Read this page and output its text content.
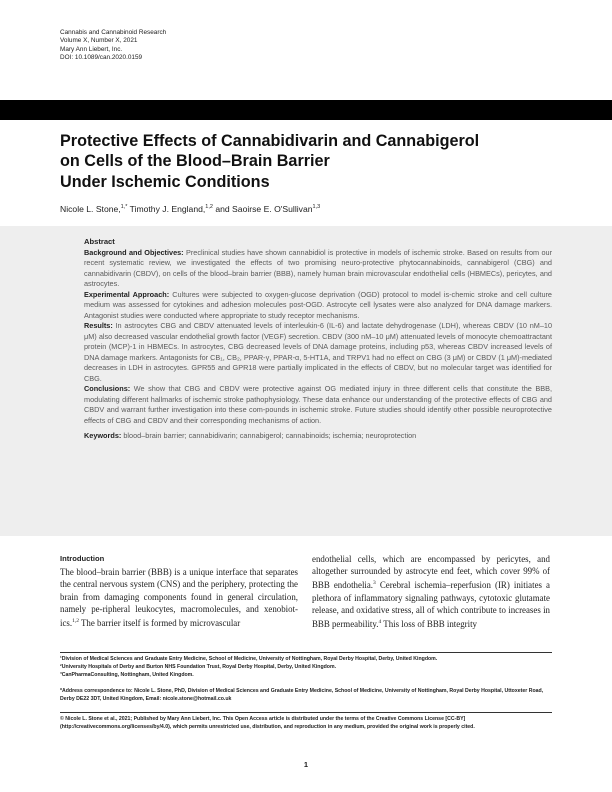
Cannabis and Cannabinoid Research
Volume X, Number X, 2021
Mary Ann Liebert, Inc.
DOI: 10.1089/can.2020.0159
Protective Effects of Cannabidivarin and Cannabigerol
on Cells of the Blood–Brain Barrier
Under Ischemic Conditions
Nicole L. Stone,$^{1,*}$ Timothy J. England,$^{1,2}$ and Saoirse E. O'Sullivan$^{1,3}$
Abstract

Background and Objectives: Preclinical studies have shown cannabidiol is protective in models of ischemic stroke. Based on results from our recent systematic review, we investigated the effects of two promising neuro-protective phytocannabinoids, cannabigerol (CBG) and cannabidivarin (CBDV), on cells of the blood–brain barrier (BBB), namely human brain microvascular endothelial cells (HBMECs), pericytes, and astrocytes.

Experimental Approach: Cultures were subjected to oxygen-glucose deprivation (OGD) protocol to model is-chemic stroke and cell culture medium was assessed for cytokines and adhesion molecules post-OGD. Astrocyte cell lysates were also analyzed for DNA damage markers. Antagonist studies were conducted where appropriate to study receptor mechanisms.

Results: In astrocytes CBG and CBDV attenuated levels of interleukin-6 (IL-6) and lactate dehydrogenase (LDH), whereas CBDV (10 nM–10 μM) also decreased vascular endothelial growth factor (VEGF) secretion. CBDV (300 nM–10 μM) attenuated levels of monocyte chemoattractant protein (MCP)-1 in HBMECs. In astrocytes, CBG decreased levels of DNA damage proteins, including p53, whereas CBDV increased levels of DNA damage markers. Antagonists for CB₁, CB₂, PPAR-γ, PPAR-α, 5-HT1A, and TRPV1 had no effect on CBG (3 μM) or CBDV (1 μM)-mediated decreases in LDH in astrocytes. GPR55 and GPR18 were partially implicated in the effects of CBDV, but no molecular target was identified for CBG.

Conclusions: We show that CBG and CBDV were protective against OG mediated injury in three different cells that constitute the BBB, modulating different hallmarks of ischemic stroke pathophysiology. These data enhance our understanding of the protective effects of CBG and CBDV and warrant further investigation into these com-pounds in ischemic stroke. Future studies should identify other possible neuroprotective effects of CBG and CBDV and their corresponding mechanisms of action.

Keywords: blood–brain barrier; cannabidivarin; cannabigerol; cannabinoids; ischemia; neuroprotection

Introduction

The blood–brain barrier (BBB) is a unique interface that separates the central nervous system (CNS) and the periphery, protecting the brain from damaging components found in general circulation, namely pe-ripheral leukocytes, macromolecules, and xenobiot-ics.$^{1,2}$ The barrier itself is formed by microvascular

endothelial cells, which are encompassed by pericytes, and altogether surrounded by astrocyte end feet, which cover 99% of BBB endothelia.$^3$ Cerebral ischemia–reperfusion (IR) initiates a plethora of inflammatory signaling pathways, cytotoxic glutamate release, and oxidative stress, all of which contribute to increases in BBB permeability.$^4$ This loss of BBB integrity

¹Division of Medical Sciences and Graduate Entry Medicine, School of Medicine, University of Nottingham, Royal Derby Hospital, Derby, United Kingdom.
²University Hospitals of Derby and Burton NHS Foundation Trust, Royal Derby Hospital, Derby, United Kingdom.
³CanPharmaConsulting, Nottingham, United Kingdom.
*Address correspondence to: Nicole L. Stone, PhD, Division of Medical Sciences and Graduate Entry Medicine, School of Medicine, University of Nottingham, Royal Derby Hospital, Uttoxeter Road, Derby DE22 3DT, United Kingdom, Email: nicole.stone@hotmail.co.uk
© Nicole L. Stone et al., 2021; Published by Mary Ann Liebert, Inc. This Open Access article is distributed under the terms of the Creative Commons License [CC-BY] (http://creativecommons.org/licenses/by/4.0), which permits unrestricted use, distribution, and reproduction in any medium, provided the original work is properly cited.
1
